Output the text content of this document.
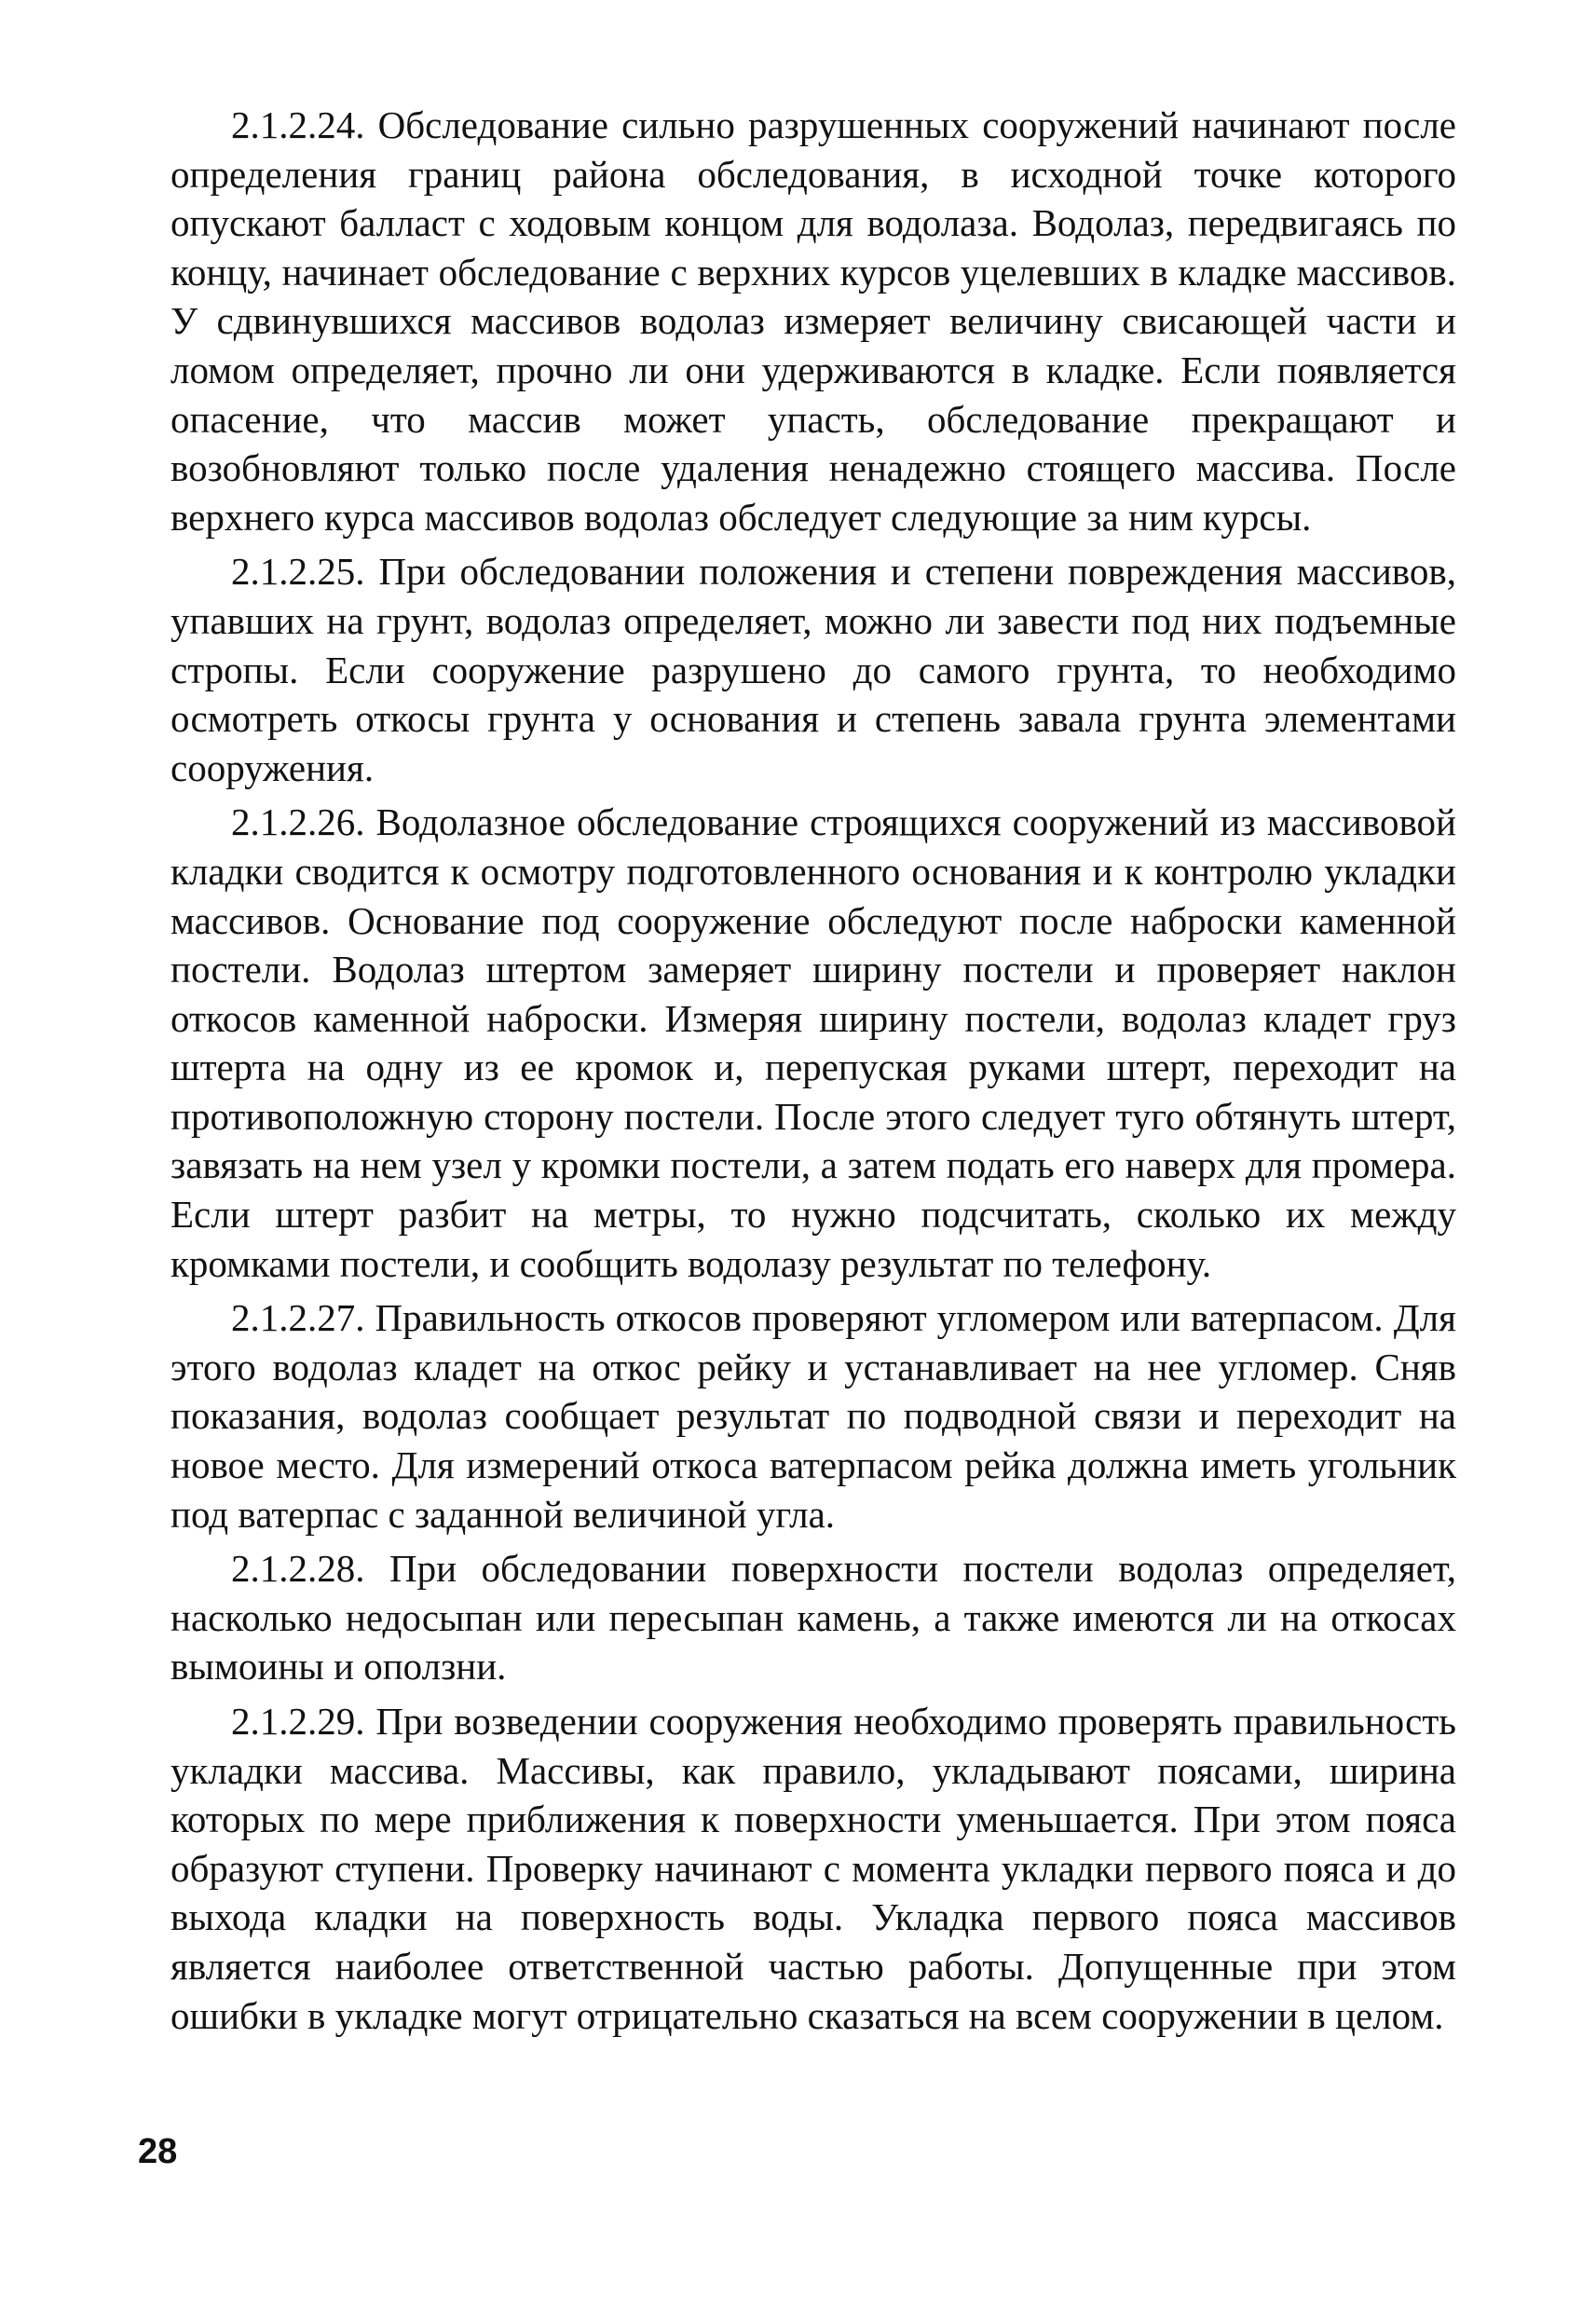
2.1.2.24. Обследование сильно разрушенных сооружений начинают после определения границ района обследования, в исходной точке которого опускают балласт с ходовым концом для водолаза. Водолаз, передвигаясь по концу, начинает обследование с верхних курсов уцелевших в кладке массивов. У сдвинувшихся массивов водолаз измеряет величину свисающей части и ломом определяет, прочно ли они удерживаются в кладке. Если появляется опасение, что массив может упасть, обследование прекращают и возобновляют только после удаления ненадежно стоящего массива. После верхнего курса массивов водолаз обследует следующие за ним курсы.

2.1.2.25. При обследовании положения и степени повреждения массивов, упавших на грунт, водолаз определяет, можно ли завести под них подъемные стропы. Если сооружение разрушено до самого грунта, то необходимо осмотреть откосы грунта у основания и степень завала грунта элементами сооружения.

2.1.2.26. Водолазное обследование строящихся сооружений из массивовой кладки сводится к осмотру подготовленного основания и к контролю укладки массивов. Основание под сооружение обследуют после наброски каменной постели. Водолаз штертом замеряет ширину постели и проверяет наклон откосов каменной наброски. Измеряя ширину постели, водолаз кладет груз штерта на одну из ее кромок и, перепуская руками штерт, переходит на противоположную сторону постели. После этого следует туго обтянуть штерт, завязать на нем узел у кромки постели, а затем подать его наверх для промера. Если штерт разбит на метры, то нужно подсчитать, сколько их между кромками постели, и сообщить водолазу результат по телефону.

2.1.2.27. Правильность откосов проверяют угломером или ватерпасом. Для этого водолаз кладет на откос рейку и устанавливает на нее угломер. Сняв показания, водолаз сообщает результат по подводной связи и переходит на новое место. Для измерений откоса ватерпасом рейка должна иметь угольник под ватерпас с заданной величиной угла.

2.1.2.28. При обследовании поверхности постели водолаз определяет, насколько недосыпан или пересыпан камень, а также имеются ли на откосах вымоины и оползни.

2.1.2.29. При возведении сооружения необходимо проверять правильность укладки массива. Массивы, как правило, укладывают поясами, ширина которых по мере приближения к поверхности уменьшается. При этом пояса образуют ступени. Проверку начинают с момента укладки первого пояса и до выхода кладки на поверхность воды. Укладка первого пояса массивов является наиболее ответственной частью работы. Допущенные при этом ошибки в укладке могут отрицательно сказаться на всем сооружении в целом.

28
